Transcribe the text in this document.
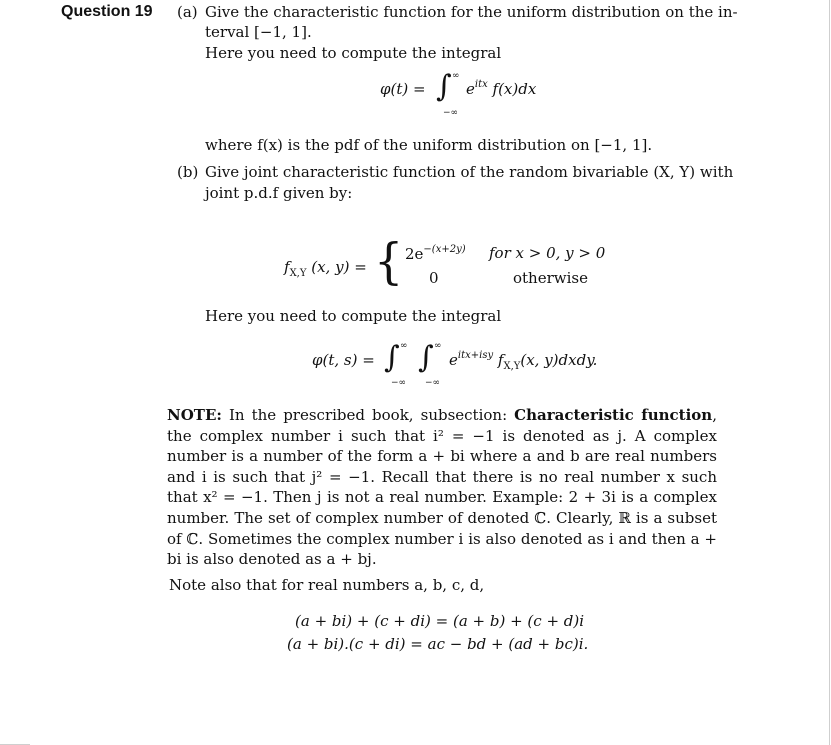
Question 19 (a) Give the characteristic function for the uniform distribution on the in-
terval [−1, 1].
Here you need to compute the integral
φ(t) = ∫ ∞
−∞
$e^{itx}$ f(x)dx
where f(x) is the pdf of the uniform distribution on [−1, 1].
(b) Give joint characteristic function of the random bivariable (X, Y) with
joint p.d.f given by:
$f_{X,Y}$ (x, y) = { $2e^{-(x+2y)}$ for x > 0, y > 0
0	otherwise
Here you need to compute the integral
φ(t, s) = ∫ ∞
−∞
∫ ∞
−∞
$e^{itx+isy}$ $f_{X,Y}(x$, y)dxdy.
NOTE: In the prescribed book, subsection: Characteristic function, the complex number i such that i² = −1 is denoted as j. A complex number is a number of the form a + bi where a and b are real numbers and i is such that j² = −1. Recall that there is no real number x such that x² = −1. Then j is not a real number. Example: 2 + 3i is a complex number. The set of complex number of denoted ℂ. Clearly, ℝ is a subset of ℂ. Sometimes the complex number i is also denoted as i and then a + bi is also denoted as a + bj.
Note also that for real numbers a, b, c, d,
(a + bi) + (c + di) = (a + b) + (c + d)i
(a + bi).(c + di) = ac − bd + (ad + bc)i.
